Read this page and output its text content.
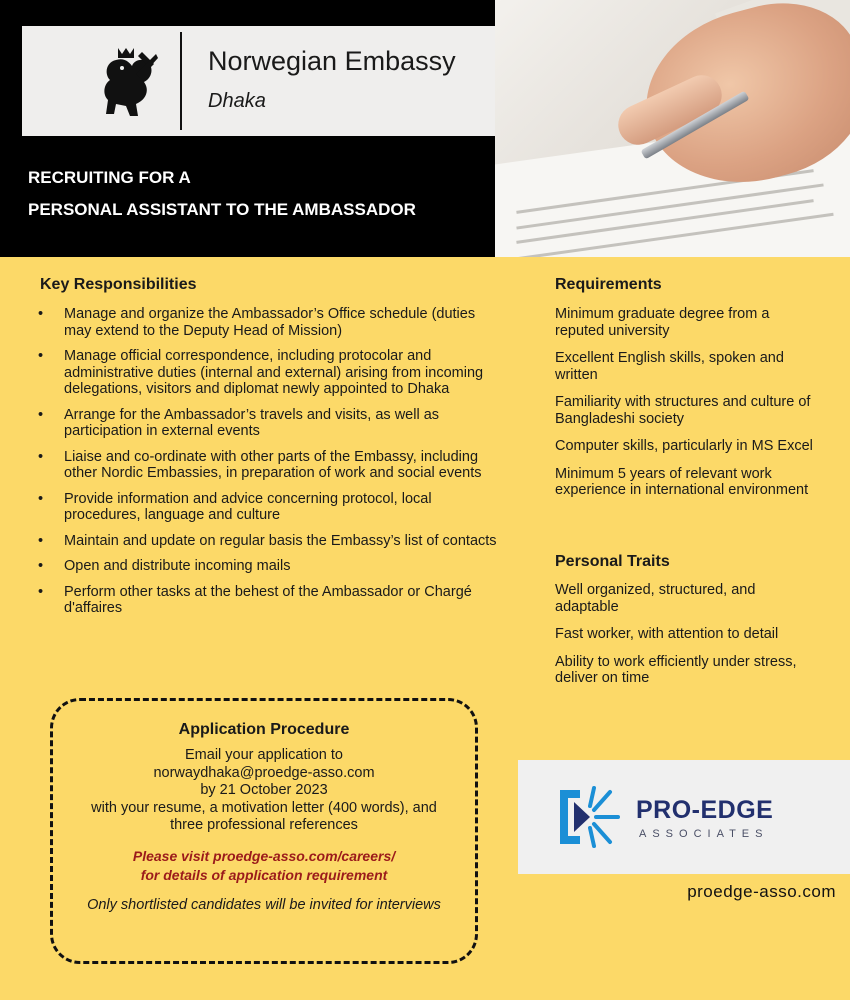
Norwegian Embassy
Dhaka
RECRUITING FOR A
PERSONAL ASSISTANT TO THE AMBASSADOR
Key Responsibilities
• Manage and organize the Ambassador’s Office schedule (duties may extend to the Deputy Head of Mission)
• Manage official correspondence, including protocolar and administrative duties (internal and external) arising from incoming delegations, visitors and diplomat newly appointed to Dhaka
• Arrange for the Ambassador’s travels and visits, as well as participation in external events
• Liaise and co-ordinate with other parts of the Embassy, including other Nordic Embassies, in preparation of work and social events
• Provide information and advice concerning protocol, local procedures, language and culture
• Maintain and update on regular basis the Embassy’s list of contacts
• Open and distribute incoming mails
• Perform other tasks at the behest of the Ambassador or Chargé d'affaires
Application Procedure
Email your application to
norwaydhaka@proedge-asso.com
by 21 October 2023
with your resume, a motivation letter (400 words), and
three professional references
Please visit proedge-asso.com/careers/
for details of application requirement
Only shortlisted candidates will be invited for interviews
Requirements
Minimum graduate degree from a reputed university
Excellent English skills, spoken and written
Familiarity with structures and culture of Bangladeshi society
Computer skills, particularly in MS Excel
Minimum 5 years of relevant work experience in international environment
Personal Traits
Well organized, structured, and adaptable
Fast worker, with attention to detail
Ability to work efficiently under stress, deliver on time
PRO-EDGE
ASSOCIATES
proedge-asso.com
